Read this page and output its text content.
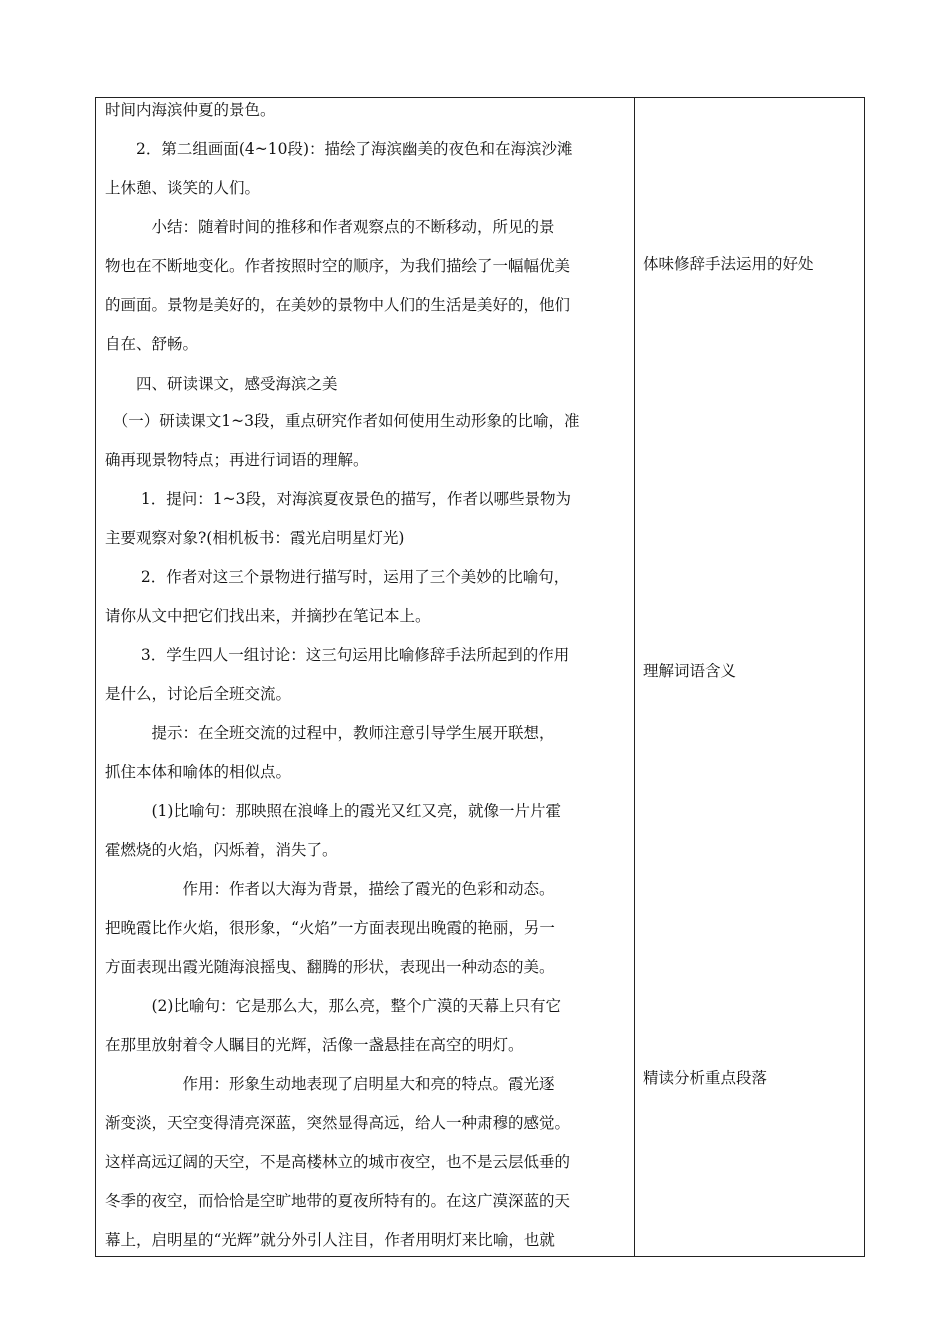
时间内海滨仲夏的景色。
　　2．第二组画面(4~10段)：描绘了海滨幽美的夜色和在海滨沙滩
上休憩、谈笑的人们。
　　　小结：随着时间的推移和作者观察点的不断移动，所见的景
物也在不断地变化。作者按照时空的顺序，为我们描绘了一幅幅优美
的画面。景物是美好的，在美妙的景物中人们的生活是美好的，他们
自在、舒畅。
　　四、研读课文，感受海滨之美
　（一）研读课文1~3段，重点研究作者如何使用生动形象的比喻，准
确再现景物特点；再进行词语的理解。
　　 1．提问：1~3段，对海滨夏夜景色的描写，作者以哪些景物为
主要观察对象?(相机板书：霞光启明星灯光)
　　 2．作者对这三个景物进行描写时，运用了三个美妙的比喻句，
请你从文中把它们找出来，并摘抄在笔记本上。
　　 3．学生四人一组讨论：这三句运用比喻修辞手法所起到的作用
是什么，讨论后全班交流。
　　　提示：在全班交流的过程中，教师注意引导学生展开联想，
抓住本体和喻体的相似点。
　　　(1)比喻句：那映照在浪峰上的霞光又红又亮，就像一片片霍
霍燃烧的火焰，闪烁着，消失了。
　　　　　作用：作者以大海为背景，描绘了霞光的色彩和动态。
把晚霞比作火焰，很形象，“火焰”一方面表现出晚霞的艳丽，另一
方面表现出霞光随海浪摇曳、翻腾的形状，表现出一种动态的美。
　　　(2)比喻句：它是那么大，那么亮，整个广漠的天幕上只有它
在那里放射着令人瞩目的光辉，活像一盏悬挂在高空的明灯。
　　　　　作用：形象生动地表现了启明星大和亮的特点。霞光逐
渐变淡，天空变得清亮深蓝，突然显得高远，给人一种肃穆的感觉。
这样高远辽阔的天空，不是高楼林立的城市夜空，也不是云层低垂的
冬季的夜空，而恰恰是空旷地带的夏夜所特有的。在这广漠深蓝的天
幕上，启明星的“光辉”就分外引人注目，作者用明灯来比喻，也就
体味修辞手法运用的好处
理解词语含义
精读分析重点段落
